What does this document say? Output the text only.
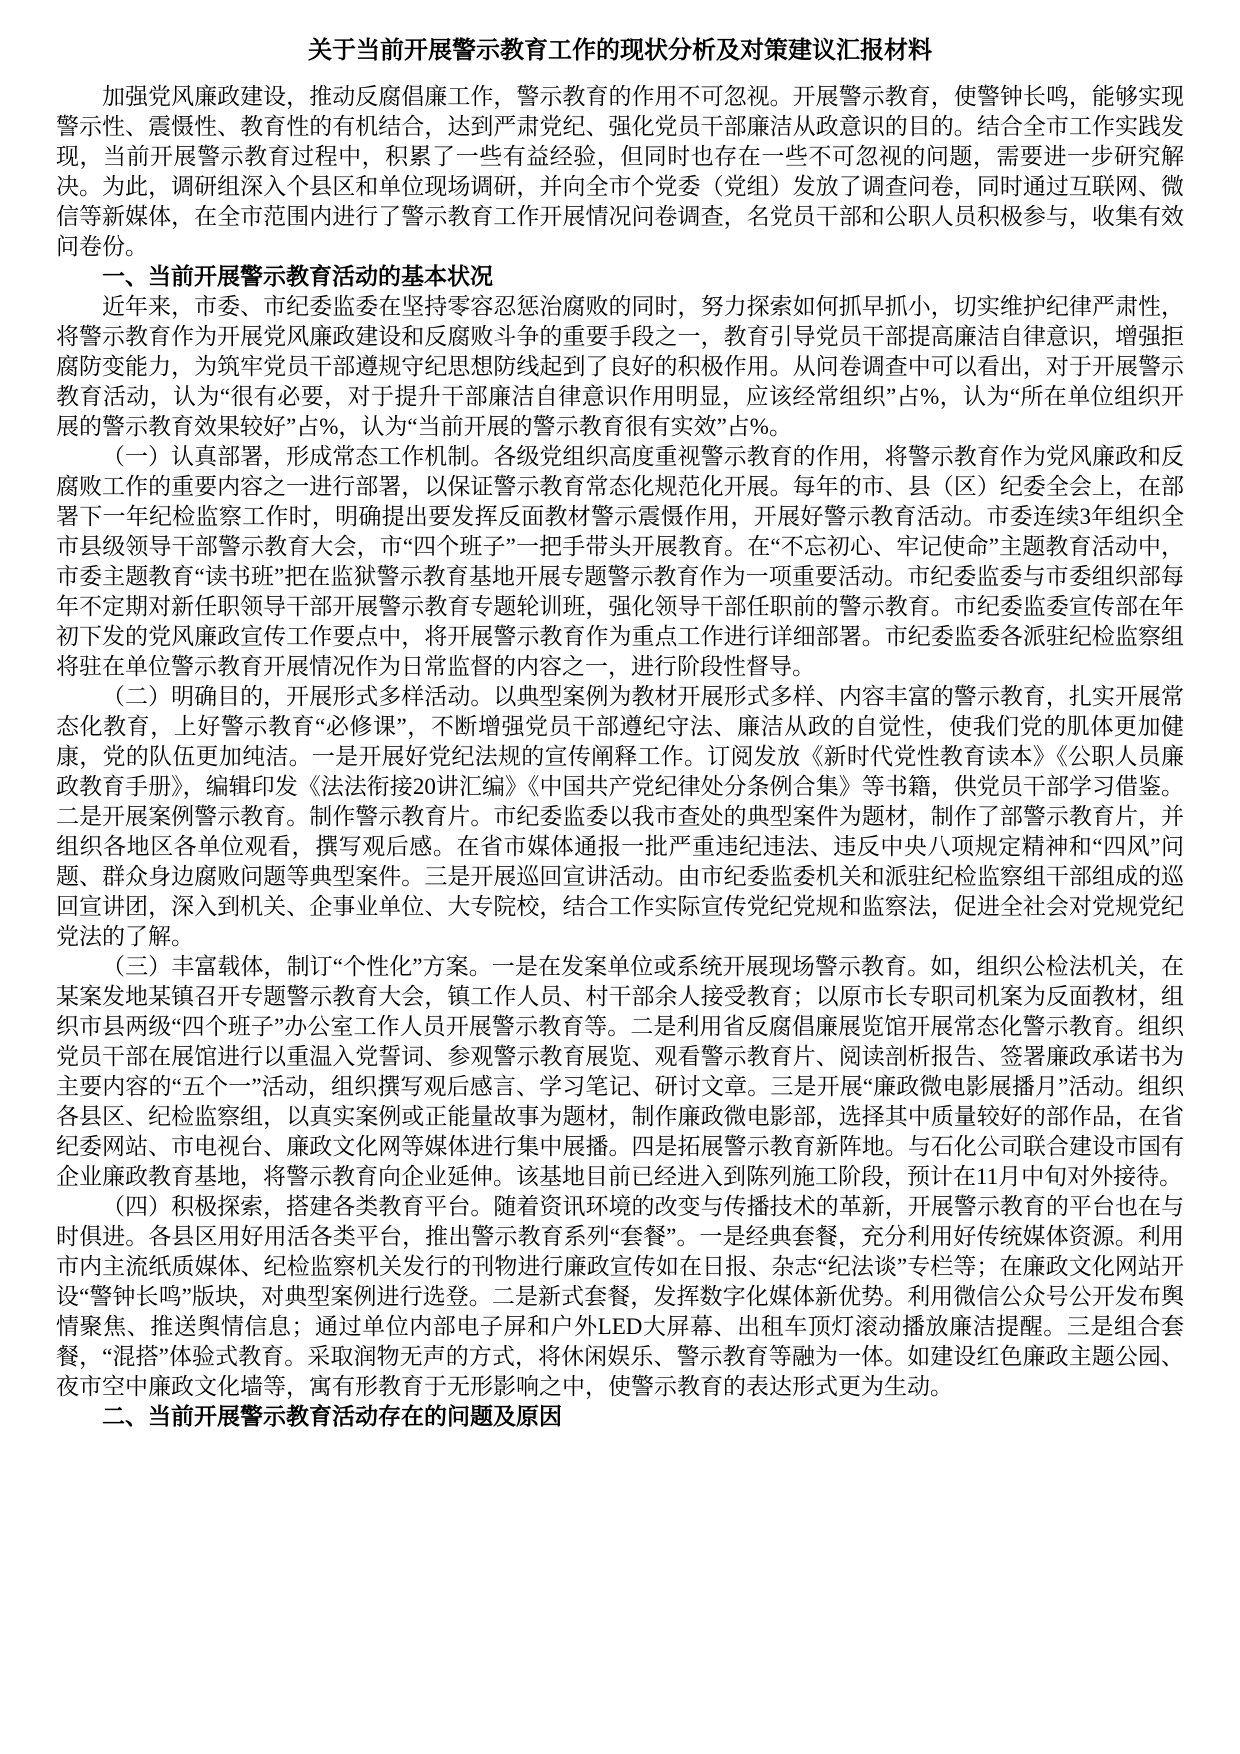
关于当前开展警示教育工作的现状分析及对策建议汇报材料

加强党风廉政建设，推动反腐倡廉工作，警示教育的作用不可忽视。开展警示教育，使警钟长鸣，能够实现警示性、震慑性、教育性的有机结合，达到严肃党纪、强化党员干部廉洁从政意识的目的。结合全市工作实践发现，当前开展警示教育过程中，积累了一些有益经验，但同时也存在一些不可忽视的问题，需要进一步研究解决。为此，调研组深入个县区和单位现场调研，并向全市个党委（党组）发放了调查问卷，同时通过互联网、微信等新媒体，在全市范围内进行了警示教育工作开展情况问卷调查，名党员干部和公职人员积极参与，收集有效问卷份。

一、当前开展警示教育活动的基本状况

近年来，市委、市纪委监委在坚持零容忍惩治腐败的同时，努力探索如何抓早抓小，切实维护纪律严肃性，将警示教育作为开展党风廉政建设和反腐败斗争的重要手段之一，教育引导党员干部提高廉洁自律意识，增强拒腐防变能力，为筑牢党员干部遵规守纪思想防线起到了良好的积极作用。从问卷调查中可以看出，对于开展警示教育活动，认为“很有必要，对于提升干部廉洁自律意识作用明显，应该经常组织”占%，认为“所在单位组织开展的警示教育效果较好”占%，认为“当前开展的警示教育很有实效”占%。

（一）认真部署，形成常态工作机制。各级党组织高度重视警示教育的作用，将警示教育作为党风廉政和反腐败工作的重要内容之一进行部署，以保证警示教育常态化规范化开展。每年的市、县（区）纪委全会上，在部署下一年纪检监察工作时，明确提出要发挥反面教材警示震慑作用，开展好警示教育活动。市委连续3年组织全市县级领导干部警示教育大会，市“四个班子”一把手带头开展教育。在“不忘初心、牢记使命”主题教育活动中，市委主题教育“读书班”把在监狱警示教育基地开展专题警示教育作为一项重要活动。市纪委监委与市委组织部每年不定期对新任职领导干部开展警示教育专题轮训班，强化领导干部任职前的警示教育。市纪委监委宣传部在年初下发的党风廉政宣传工作要点中，将开展警示教育作为重点工作进行详细部署。市纪委监委各派驻纪检监察组将驻在单位警示教育开展情况作为日常监督的内容之一，进行阶段性督导。

（二）明确目的，开展形式多样活动。以典型案例为教材开展形式多样、内容丰富的警示教育，扎实开展常态化教育，上好警示教育“必修课”，不断增强党员干部遵纪守法、廉洁从政的自觉性，使我们党的肌体更加健康，党的队伍更加纯洁。一是开展好党纪法规的宣传阐释工作。订阅发放《新时代党性教育读本》《公职人员廉政教育手册》，编辑印发《法法衔接20讲汇编》《中国共产党纪律处分条例合集》等书籍，供党员干部学习借鉴。二是开展案例警示教育。制作警示教育片。市纪委监委以我市查处的典型案件为题材，制作了部警示教育片，并组织各地区各单位观看，撰写观后感。在省市媒体通报一批严重违纪违法、违反中央八项规定精神和“四风”问题、群众身边腐败问题等典型案件。三是开展巡回宣讲活动。由市纪委监委机关和派驻纪检监察组干部组成的巡回宣讲团，深入到机关、企事业单位、大专院校，结合工作实际宣传党纪党规和监察法，促进全社会对党规党纪党法的了解。

（三）丰富载体，制订“个性化”方案。一是在发案单位或系统开展现场警示教育。如，组织公检法机关，在某案发地某镇召开专题警示教育大会，镇工作人员、村干部余人接受教育；以原市长专职司机案为反面教材，组织市县两级“四个班子”办公室工作人员开展警示教育等。二是利用省反腐倡廉展览馆开展常态化警示教育。组织党员干部在展馆进行以重温入党誓词、参观警示教育展览、观看警示教育片、阅读剖析报告、签署廉政承诺书为主要内容的“五个一”活动，组织撰写观后感言、学习笔记、研讨文章。三是开展“廉政微电影展播月”活动。组织各县区、纪检监察组，以真实案例或正能量故事为题材，制作廉政微电影部，选择其中质量较好的部作品，在省纪委网站、市电视台、廉政文化网等媒体进行集中展播。四是拓展警示教育新阵地。与石化公司联合建设市国有企业廉政教育基地，将警示教育向企业延伸。该基地目前已经进入到陈列施工阶段，预计在11月中旬对外接待。

（四）积极探索，搭建各类教育平台。随着资讯环境的改变与传播技术的革新，开展警示教育的平台也在与时俱进。各县区用好用活各类平台，推出警示教育系列“套餐”。一是经典套餐，充分利用好传统媒体资源。利用市内主流纸质媒体、纪检监察机关发行的刊物进行廉政宣传如在日报、杂志“纪法谈”专栏等；在廉政文化网站开设“警钟长鸣”版块，对典型案例进行选登。二是新式套餐，发挥数字化媒体新优势。利用微信公众号公开发布舆情聚焦、推送舆情信息；通过单位内部电子屏和户外LED大屏幕、出租车顶灯滚动播放廉洁提醒。三是组合套餐，“混搭”体验式教育。采取润物无声的方式，将休闲娱乐、警示教育等融为一体。如建设红色廉政主题公园、夜市空中廉政文化墙等，寓有形教育于无形影响之中，使警示教育的表达形式更为生动。

二、当前开展警示教育活动存在的问题及原因
